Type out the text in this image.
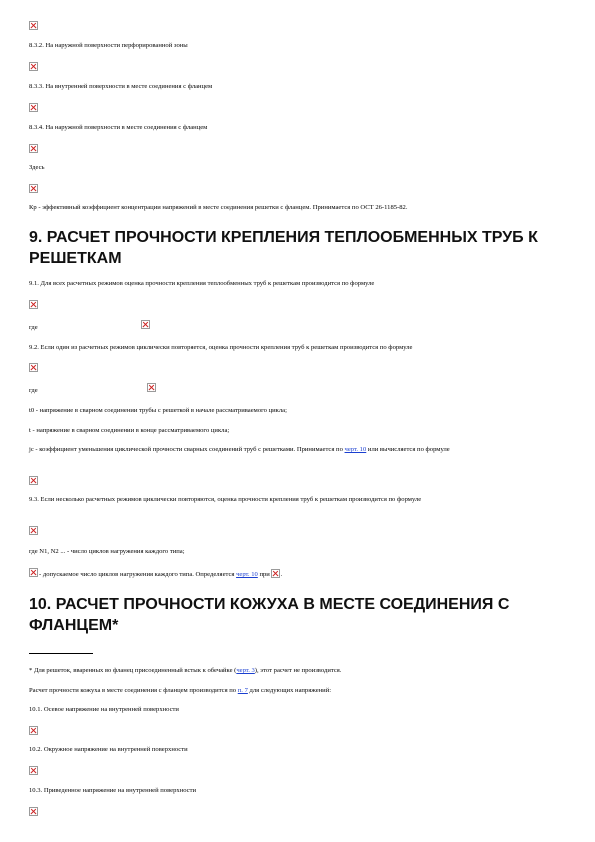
8.3.2. На наружной поверхности перфорированной зоны
8.3.3. На внутренней поверхности в месте соединения с фланцем
8.3.4. На наружной поверхности в месте соединения с фланцем
Здесь
Кр - эффективный коэффициент концентрации напряжений в месте соединения решетки с фланцем. Принимается по ОСТ 26-1185-82.
9. РАСЧЕТ ПРОЧНОСТИ КРЕПЛЕНИЯ ТЕПЛООБМЕННЫХ ТРУБ К РЕШЕТКАМ
9.1. Для всех расчетных режимов оценка прочности крепления теплообменных труб к решеткам производится по формуле
где
9.2. Если один из расчетных режимов циклически повторяется, оценка прочности крепления труб к решеткам производится по формуле
где
t0 - напряжение в сварном соединении трубы с решеткой в начале рассматриваемого цикла;
t - напряжение в сварном соединении в конце рассматриваемого цикла;
jc - коэффициент уменьшения циклической прочности сварных соединений труб с решетками. Принимается по черт. 10 или вычисляется по формуле
9.3. Если несколько расчетных режимов циклически повторяются, оценка прочности крепления труб к решеткам производится по формуле
где N1, N2 ... - число циклов нагружения каждого типа;
- допускаемое число циклов нагружения каждого типа. Определяется черт. 10 при .
10. РАСЧЕТ ПРОЧНОСТИ КОЖУХА В МЕСТЕ СОЕДИНЕНИЯ С ФЛАНЦЕМ*
* Для решеток, вваренных во фланец присоединенный встык к обечайке (черт. 3), этот расчет не производится.
Расчет прочности кожуха в месте соединения с фланцем производится по п. 7 для следующих напряжений:
10.1. Осевое напряжение на внутренней поверхности
10.2. Окружное напряжение на внутренней поверхности
10.3. Приведенное напряжение на внутренней поверхности
